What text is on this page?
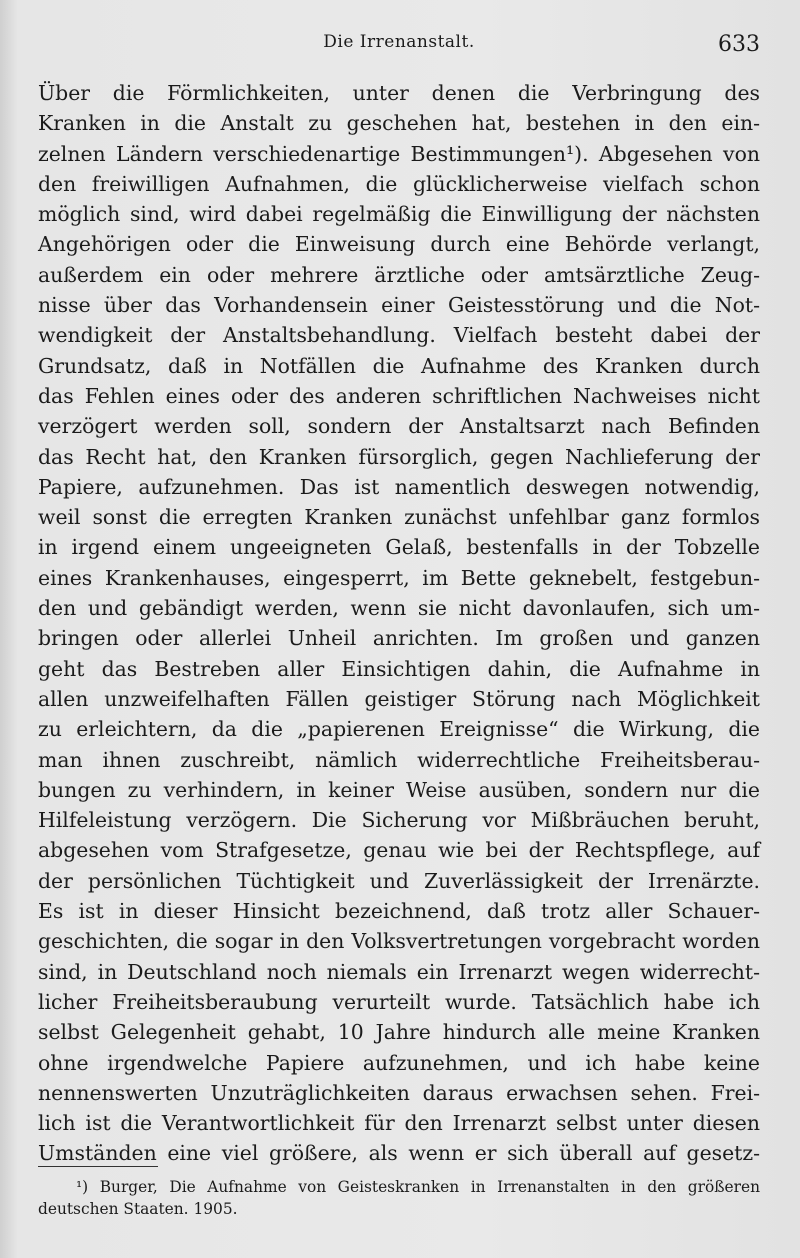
Die Irrenanstalt.	633
Über die Förmlichkeiten, unter denen die Verbringung des
Kranken in die Anstalt zu geschehen hat, bestehen in den ein-
zelnen Ländern verschiedenartige Bestimmungen¹). Abgesehen von
den freiwilligen Aufnahmen, die glücklicherweise vielfach schon
möglich sind, wird dabei regelmäßig die Einwilligung der nächsten
Angehörigen oder die Einweisung durch eine Behörde verlangt,
außerdem ein oder mehrere ärztliche oder amtsärztliche Zeug-
nisse über das Vorhandensein einer Geistesstörung und die Not-
wendigkeit der Anstaltsbehandlung. Vielfach besteht dabei der
Grundsatz, daß in Notfällen die Aufnahme des Kranken durch
das Fehlen eines oder des anderen schriftlichen Nachweises nicht
verzögert werden soll, sondern der Anstaltsarzt nach Befinden
das Recht hat, den Kranken fürsorglich, gegen Nachlieferung der
Papiere, aufzunehmen. Das ist namentlich deswegen notwendig,
weil sonst die erregten Kranken zunächst unfehlbar ganz formlos
in irgend einem ungeeigneten Gelaß, bestenfalls in der Tobzelle
eines Krankenhauses, eingesperrt, im Bette geknebelt, festgebun-
den und gebändigt werden, wenn sie nicht davonlaufen, sich um-
bringen oder allerlei Unheil anrichten. Im großen und ganzen
geht das Bestreben aller Einsichtigen dahin, die Aufnahme in
allen unzweifelhaften Fällen geistiger Störung nach Möglichkeit
zu erleichtern, da die „papierenen Ereignisse“ die Wirkung, die
man ihnen zuschreibt, nämlich widerrechtliche Freiheitsberau-
bungen zu verhindern, in keiner Weise ausüben, sondern nur die
Hilfeleistung verzögern. Die Sicherung vor Mißbräuchen beruht,
abgesehen vom Strafgesetze, genau wie bei der Rechtspflege, auf
der persönlichen Tüchtigkeit und Zuverlässigkeit der Irrenärzte.
Es ist in dieser Hinsicht bezeichnend, daß trotz aller Schauer-
geschichten, die sogar in den Volksvertretungen vorgebracht worden
sind, in Deutschland noch niemals ein Irrenarzt wegen widerrecht-
licher Freiheitsberaubung verurteilt wurde. Tatsächlich habe ich
selbst Gelegenheit gehabt, 10 Jahre hindurch alle meine Kranken
ohne irgendwelche Papiere aufzunehmen, und ich habe keine
nennenswerten Unzuträglichkeiten daraus erwachsen sehen. Frei-
lich ist die Verantwortlichkeit für den Irrenarzt selbst unter diesen
Umständen eine viel größere, als wenn er sich überall auf gesetz-
¹) Burger, Die Aufnahme von Geisteskranken in Irrenanstalten in den größeren
deutschen Staaten. 1905.
